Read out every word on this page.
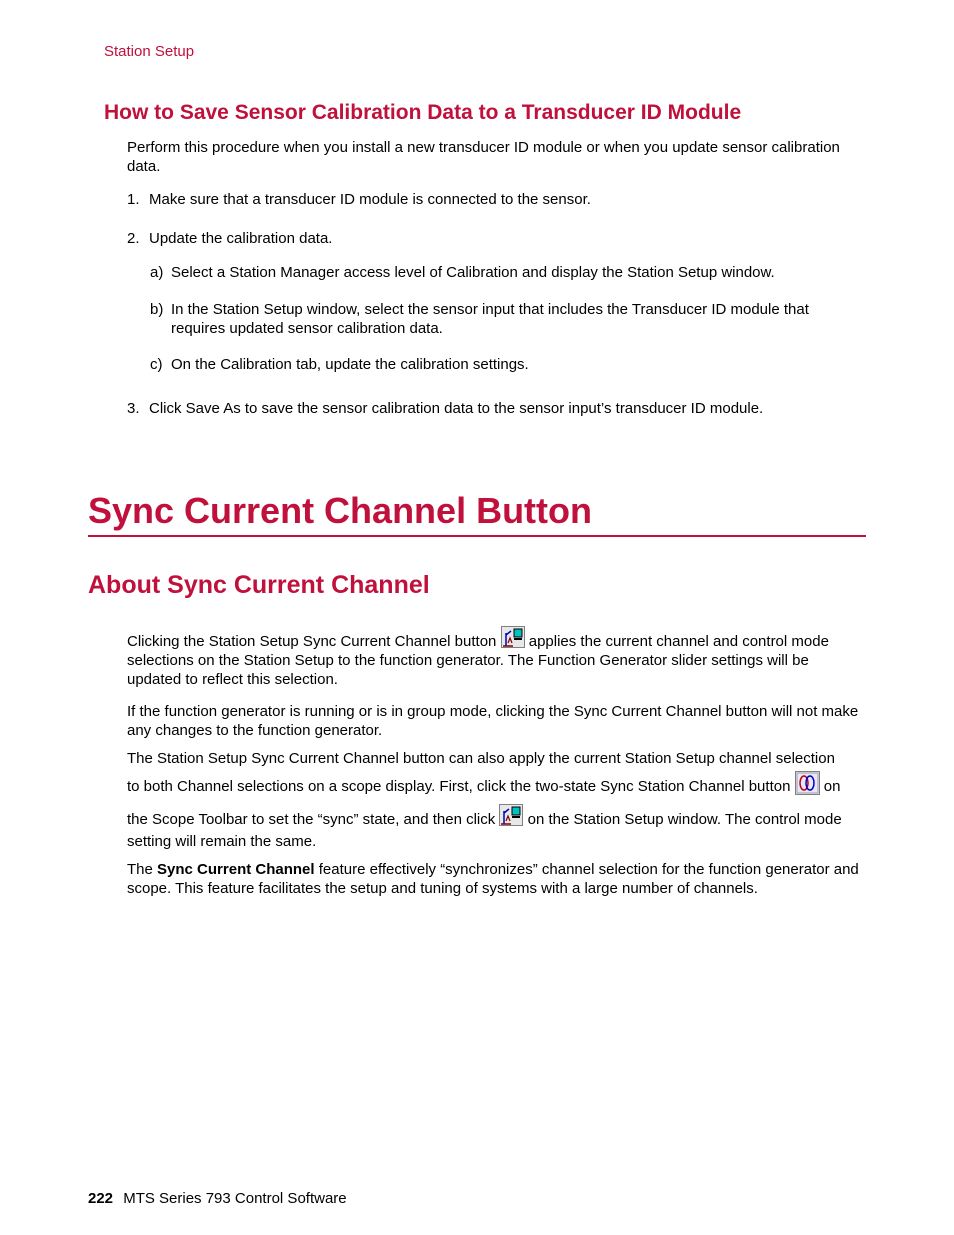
Station Setup
How to Save Sensor Calibration Data to a Transducer ID Module
Perform this procedure when you install a new transducer ID module or when you update sensor calibration data.
1. Make sure that a transducer ID module is connected to the sensor.
2. Update the calibration data.
a) Select a Station Manager access level of Calibration and display the Station Setup window.
b) In the Station Setup window, select the sensor input that includes the Transducer ID module that requires updated sensor calibration data.
c) On the Calibration tab, update the calibration settings.
3. Click Save As to save the sensor calibration data to the sensor input’s transducer ID module.
Sync Current Channel Button
About Sync Current Channel
Clicking the Station Setup Sync Current Channel button applies the current channel and control mode selections on the Station Setup to the function generator. The Function Generator slider settings will be updated to reflect this selection.
If the function generator is running or is in group mode, clicking the Sync Current Channel button will not make any changes to the function generator.
The Station Setup Sync Current Channel button can also apply the current Station Setup channel selection
to both Channel selections on a scope display. First, click the two-state Sync Station Channel button on
the Scope Toolbar to set the “sync” state, and then click on the Station Setup window. The control mode
setting will remain the same.
The Sync Current Channel feature effectively “synchronizes” channel selection for the function generator and scope. This feature facilitates the setup and tuning of systems with a large number of channels.
222 MTS Series 793 Control Software
